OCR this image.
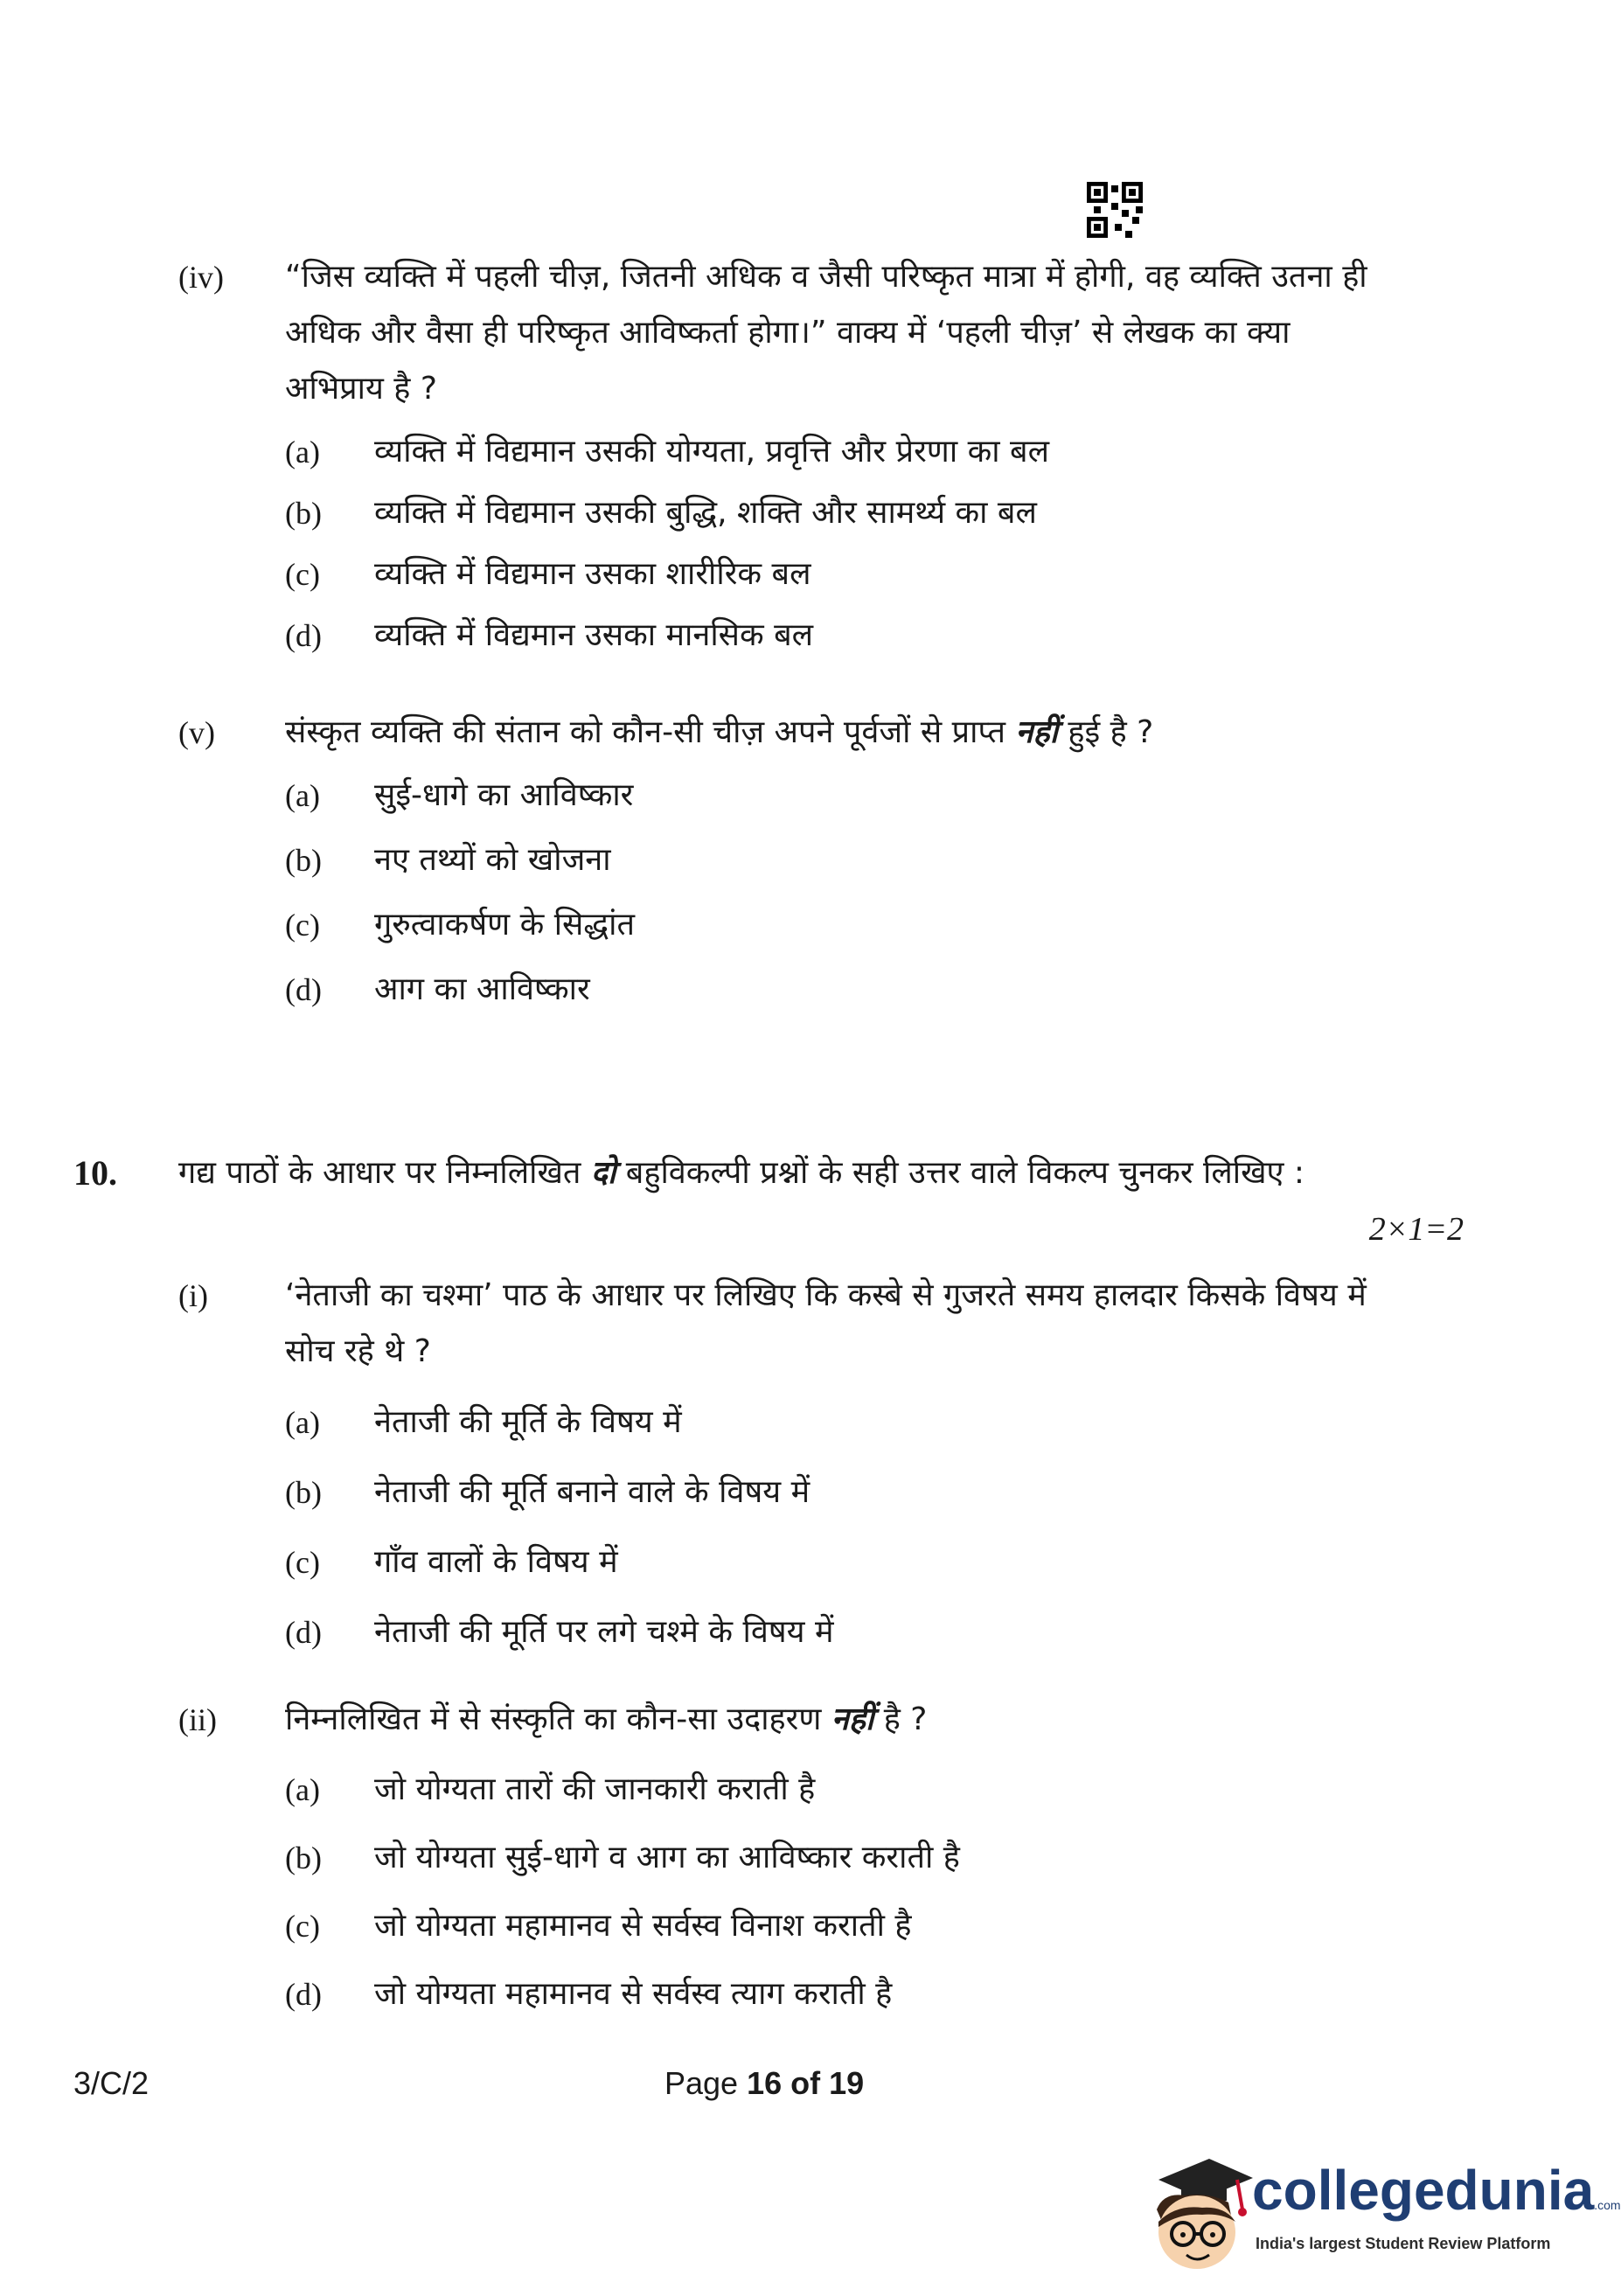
(iv) “जिस व्यक्ति में पहली चीज़, जितनी अधिक व जैसी परिष्कृत मात्रा में होगी, वह व्यक्ति उतना ही अधिक और वैसा ही परिष्कृत आविष्कर्ता होगा।” वाक्य में ‘पहली चीज़’ से लेखक का क्या अभिप्राय है ?
(a) व्यक्ति में विद्यमान उसकी योग्यता, प्रवृत्ति और प्रेरणा का बल
(b) व्यक्ति में विद्यमान उसकी बुद्धि, शक्ति और सामर्थ्य का बल
(c) व्यक्ति में विद्यमान उसका शारीरिक बल
(d) व्यक्ति में विद्यमान उसका मानसिक बल
(v) संस्कृत व्यक्ति की संतान को कौन-सी चीज़ अपने पूर्वजों से प्राप्त नहीं हुई है ?
(a) सुई-धागे का आविष्कार
(b) नए तथ्यों को खोजना
(c) गुरुत्वाकर्षण के सिद्धांत
(d) आग का आविष्कार
10. गद्य पाठों के आधार पर निम्नलिखित दो बहुविकल्पी प्रश्नों के सही उत्तर वाले विकल्प चुनकर लिखिए :
2×1=2
(i) ‘नेताजी का चश्मा’ पाठ के आधार पर लिखिए कि कस्बे से गुजरते समय हालदार किसके विषय में सोच रहे थे ?
(a) नेताजी की मूर्ति के विषय में
(b) नेताजी की मूर्ति बनाने वाले के विषय में
(c) गाँव वालों के विषय में
(d) नेताजी की मूर्ति पर लगे चश्मे के विषय में
(ii) निम्नलिखित में से संस्कृति का कौन-सा उदाहरण नहीं है ?
(a) जो योग्यता तारों की जानकारी कराती है
(b) जो योग्यता सुई-धागे व आग का आविष्कार कराती है
(c) जो योग्यता महामानव से सर्वस्व विनाश कराती है
(d) जो योग्यता महामानव से सर्वस्व त्याग कराती है
3/C/2	Page 16 of 19
collegedunia.com
India's largest Student Review Platform
